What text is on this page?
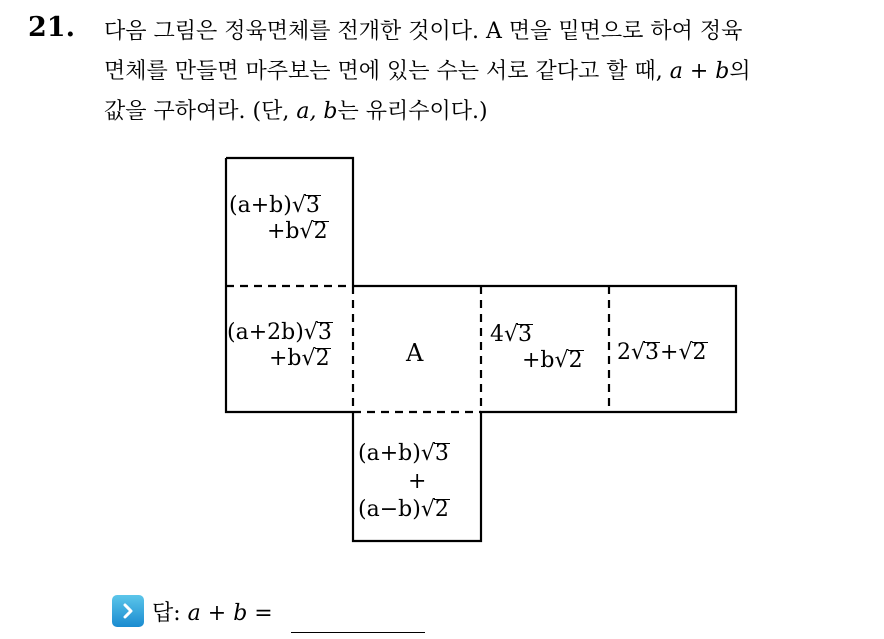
21. 다음 그림은 정육면체를 전개한 것이다. A 면을 밑면으로 하여 정육
면체를 만들면 마주보는 면에 있는 수는 서로 같다고 할 때, a + b의
값을 구하여라. (단, a, b는 유리수이다.)
(a+b)√3
+b√2
(a+2b)√3
+b√2	A
4√3
+b√2 2√3+√2
(a+b)√3
+
(a−b)√2
답: a + b =
